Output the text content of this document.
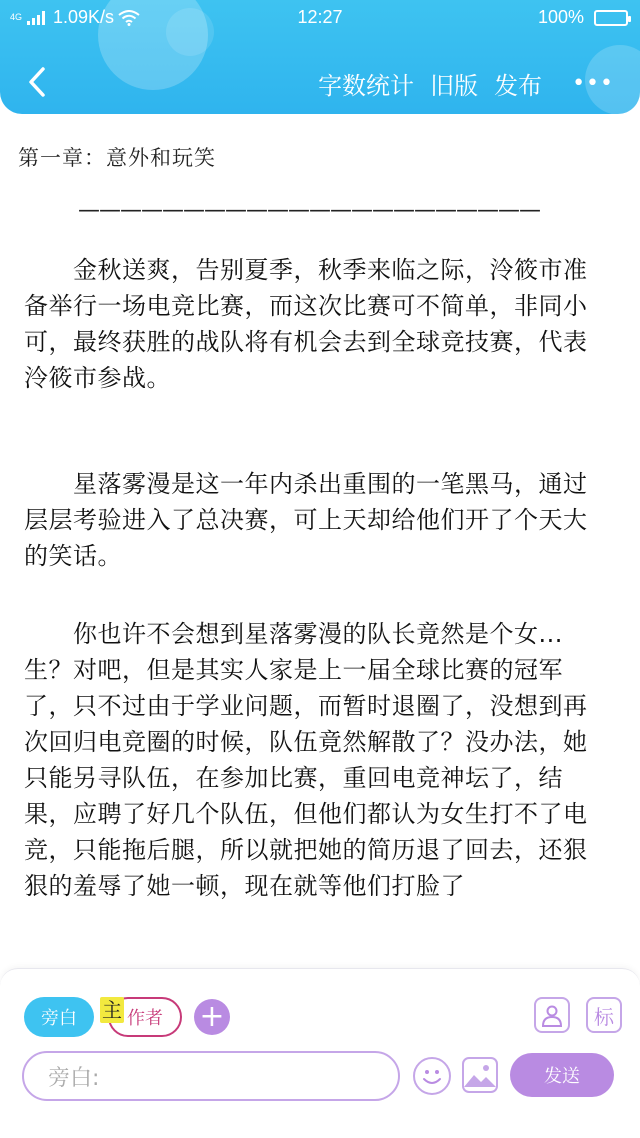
4G 1.09K/s	12:27	100%
字数统计 旧版 发布 •••
第一章：意外和玩笑
——————————————————————
　　金秋送爽，告别夏季，秋季来临之际，泠筱市准备举行一场电竞比赛，而这次比赛可不简单，非同小可，最终获胜的战队将有机会去到全球竞技赛，代表泠筱市参战。
　　星落雾漫是这一年内杀出重围的一笔黑马，通过层层考验进入了总决赛，可上天却给他们开了个天大的笑话。
　　你也许不会想到星落雾漫的队长竟然是个女...生？对吧，但是其实人家是上一届全球比赛的冠军了，只不过由于学业问题，而暂时退圈了，没想到再次回归电竞圈的时候，队伍竟然解散了？没办法，她只能另寻队伍，在参加比赛，重回电竞神坛了，结果，应聘了好几个队伍，但他们都认为女生打不了电竞，只能拖后腿，所以就把她的简历退了回去，还狠狠的羞辱了她一顿，现在就等他们打脸了
旁白	作者
主	+	标
旁白:	发送
